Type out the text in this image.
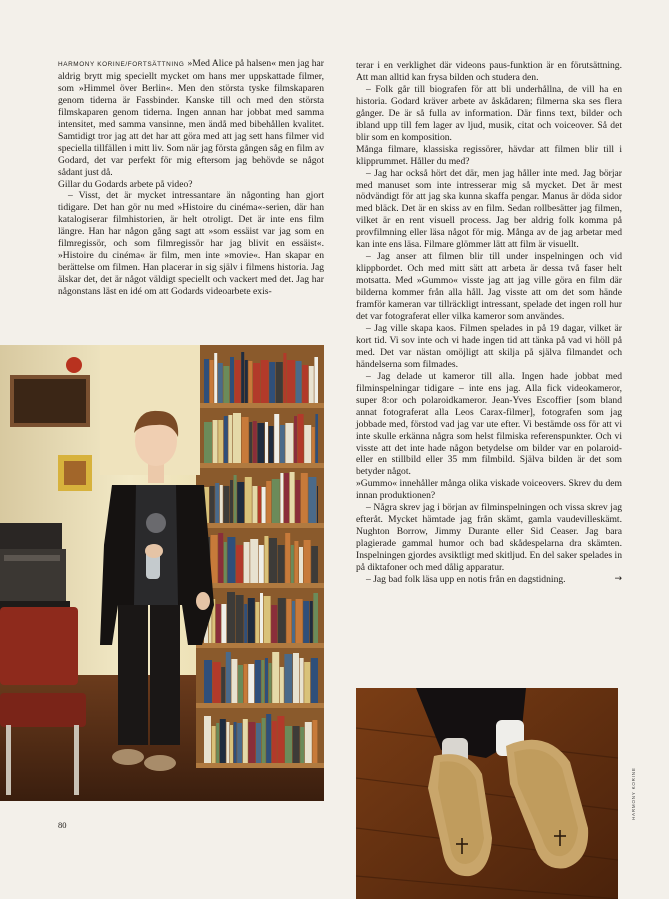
HARMONY KORINE/FORTSÄTTNING »Med Alice på halsen« men jag har aldrig brytt mig speciellt mycket om hans mer uppskattade filmer, som »Himmel över Berlin«. Men den största tyske filmskaparen genom tiderna är Fassbinder. Kanske till och med den största filmskaparen genom tiderna. Ingen annan har jobbat med samma intensitet, med samma vansinne, men ändå med bibehållen kvalitet. Samtidigt tror jag att det har att göra med att jag sett hans filmer vid speciella tillfällen i mitt liv. Som när jag första gången såg en film av Godard, det var perfekt för mig eftersom jag behövde se något sådant just då.

Gillar du Godards arbete på video?

– Visst, det är mycket intressantare än någonting han gjort tidigare. Det han gör nu med »Histoire du cinéma«-serien, där han katalogiserar filmhistorien, är helt otroligt. Det är inte ens film längre. Han har någon gång sagt att »som essäist var jag som en filmregissör, och som filmregissör har jag blivit en essäist«. »Histoire du cinéma« är film, men inte »movie«. Han skapar en berättelse om filmen. Han placerar in sig själv i filmens historia. Jag älskar det, det är något väldigt speciellt och vackert med det. Jag har någonstans läst en idé om att Godards videoarbete exis-

terar i en verklighet där videons paus-funktion är en förutsättning. Att man alltid kan frysa bilden och studera den.

– Folk går till biografen för att bli underhållna, de vill ha en historia. Godard kräver arbete av åskådaren; filmerna ska ses flera gånger. De är så fulla av information. Där finns text, bilder och ibland upp till fem lager av ljud, musik, citat och voiceover. Så det blir som en komposition.

Många filmare, klassiska regissörer, hävdar att filmen blir till i klipprummet. Håller du med?

– Jag har också hört det där, men jag håller inte med. Jag börjar med manuset som inte intresserar mig så mycket. Det är mest nödvändigt för att jag ska kunna skaffa pengar. Manus är döda sidor med bläck. Det är en skiss av en film. Sedan rollbesätter jag filmen, vilket är en rent visuell process. Jag ber aldrig folk komma på provfilmning eller läsa något för mig. Många av de jag arbetar med kan inte ens läsa. Filmare glömmer lätt att film är visuellt.

– Jag anser att filmen blir till under inspelningen och vid klippbordet. Och med mitt sätt att arbeta är dessa två faser helt motsatta. Med »Gummo« visste jag att jag ville göra en film där bilderna kommer från alla håll. Jag visste att om det som hände framför kameran var tillräckligt intressant, spelade det ingen roll hur det var fotograferat eller vilka kameror som användes.

– Jag ville skapa kaos. Filmen spelades in på 19 dagar, vilket är kort tid. Vi sov inte och vi hade ingen tid att tänka på vad vi höll på med. Det var nästan omöjligt att skilja på själva filmandet och händelserna som filmades.

– Jag delade ut kameror till alla. Ingen hade jobbat med filminspelningar tidigare – inte ens jag. Alla fick videokameror, super 8:or och polaroidkameror. Jean-Yves Escoffier [som bland annat fotograferat alla Leos Carax-filmer], fotografen som jag jobbade med, förstod vad jag var ute efter. Vi bestämde oss för att vi inte skulle erkänna några som helst filmiska referenspunkter. Och vi visste att det inte hade någon betydelse om bilder var en polaroid- eller en stillbild eller 35 mm filmbild. Själva bilden är det som betyder något.

»Gummo« innehåller många olika viskade voiceovers. Skrev du dem innan produktionen?

– Några skrev jag i början av filminspelningen och vissa skrev jag efteråt. Mycket hämtade jag från skämt, gamla vaudevilleskämt. Nughton Borrow, Jimmy Durante eller Sid Ceaser. Jag bara plagierade gammal humor och bad skådespelarna dra skämten. Inspelningen gjordes avsiktligt med skitljud. En del saker spelades in på diktafoner och med dålig apparatur.

– Jag bad folk läsa upp en notis från en dagstidning.	→

80
HARMONY KORINE
